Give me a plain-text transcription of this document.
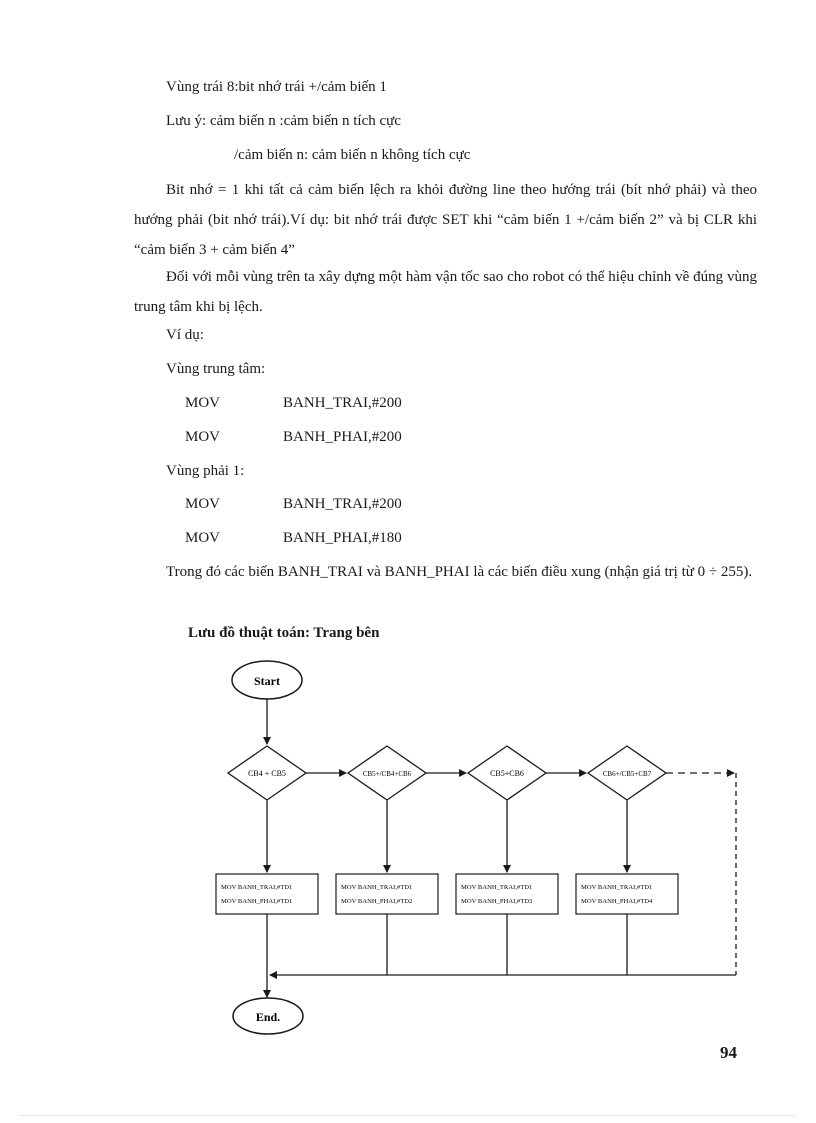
Vùng trái 8:bit nhớ trái +/cảm biến 1
Lưu ý: cảm biến n :cảm biến n tích cực
/cảm biến n: cảm biến n không tích cực
Bit nhớ = 1 khi tất cả cảm biến lệch ra khỏi đường line theo hướng trái (bít nhớ phải) và theo hướng phải (bit nhớ trái).Ví dụ: bit nhớ trái được SET khi “cảm biến 1 +/cảm biến 2” và bị CLR khi “cảm biến 3 + cảm biến 4”
Đối với mỗi vùng trên ta xây dựng một hàm vận tốc sao cho robot có thể hiệu chỉnh về đúng vùng trung tâm khi bị lệch.
Ví dụ:
Vùng trung tâm:
MOV	BANH_TRAI,#200
MOV	BANH_PHAI,#200
Vùng phải 1:
MOV	BANH_TRAI,#200
MOV	BANH_PHAI,#180
Trong đó các biến BANH_TRAI và BANH_PHAI là các biến điều xung (nhận giá trị từ 0 ÷ 255).
Lưu đồ thuật toán: Trang bên
Start
CB4 + CB5	CB5+/CB4+CB6	CB5+CB6	CB6+/CB5+CB7
MOV BANH_TRAI,#TD1
MOV BANH_PHAI,#TD1
MOV BANH_TRAI,#TD1
MOV BANH_PHAI,#TD2
MOV BANH_TRAI,#TD1
MOV BANH_PHAI,#TD3
MOV BANH_TRAI,#TD1
MOV BANH_PHAI,#TD4
End.
94
